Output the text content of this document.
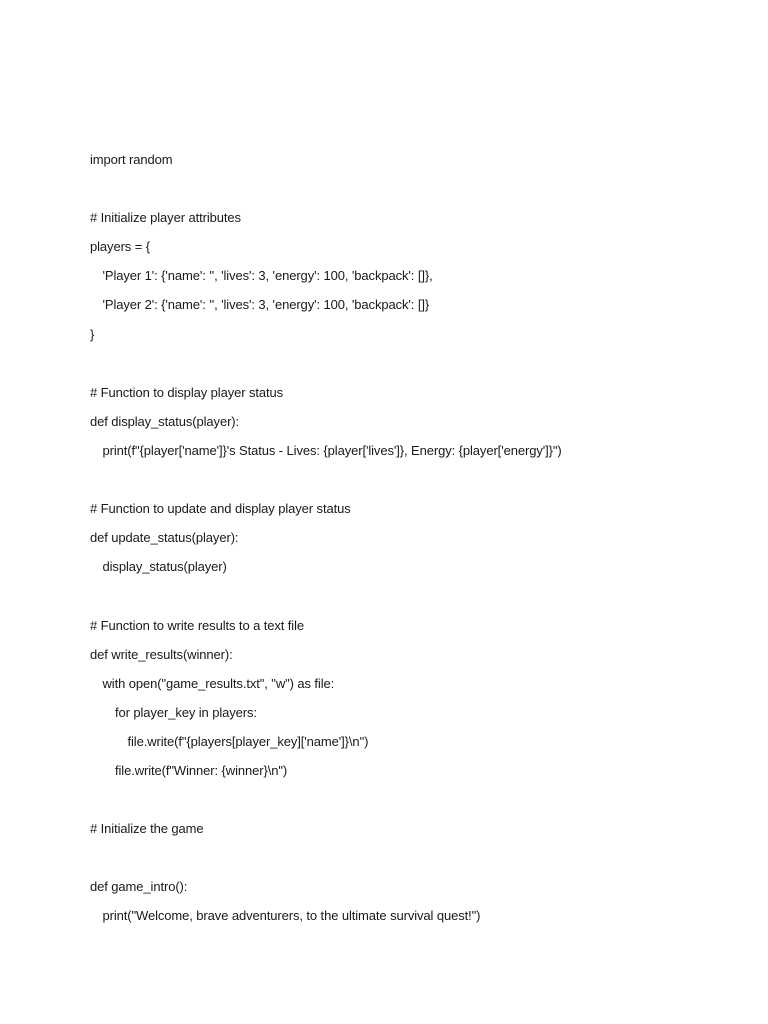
import random
# Initialize player attributes
players = {
'Player 1': {'name': '', 'lives': 3, 'energy': 100, 'backpack': []},
'Player 2': {'name': '', 'lives': 3, 'energy': 100, 'backpack': []}
}
# Function to display player status
def display_status(player):
print(f"{player['name']}'s Status - Lives: {player['lives']}, Energy: {player['energy']}")
# Function to update and display player status
def update_status(player):
display_status(player)
# Function to write results to a text file
def write_results(winner):
with open("game_results.txt", "w") as file:
for player_key in players:
file.write(f"{players[player_key]['name']}\n")
file.write(f"Winner: {winner}\n")
# Initialize the game
def game_intro():
print("Welcome, brave adventurers, to the ultimate survival quest!")
